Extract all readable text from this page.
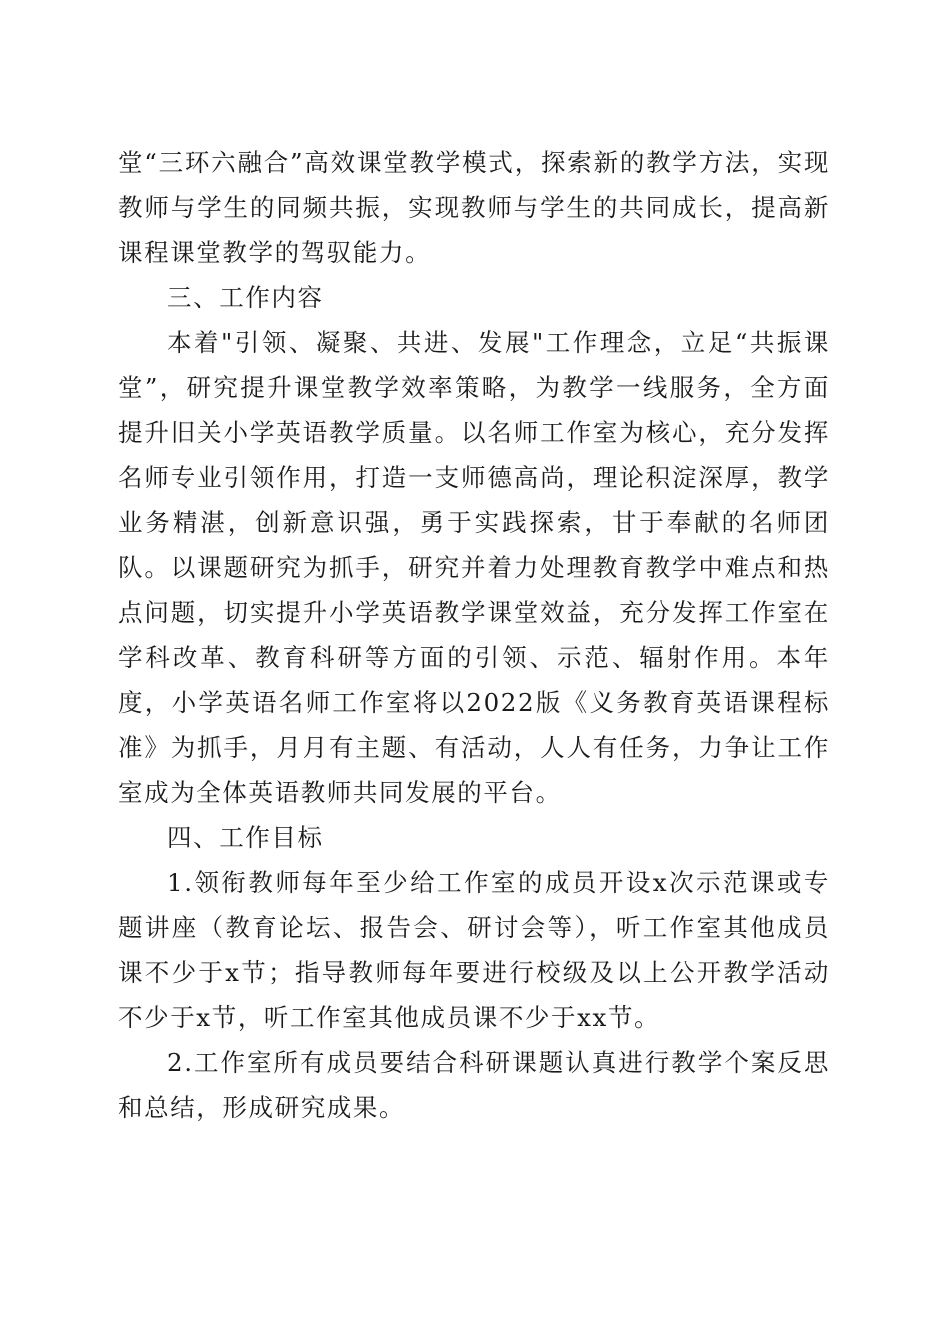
堂“三环六融合”高效课堂教学模式，探索新的教学方法，实现教师与学生的同频共振，实现教师与学生的共同成长，提高新课程课堂教学的驾驭能力。

三、工作内容

本着"引领、凝聚、共进、发展"工作理念，立足“共振课堂”，研究提升课堂教学效率策略，为教学一线服务，全方面提升旧关小学英语教学质量。以名师工作室为核心，充分发挥名师专业引领作用，打造一支师德高尚，理论积淀深厚，教学业务精湛，创新意识强，勇于实践探索，甘于奉献的名师团队。以课题研究为抓手，研究并着力处理教育教学中难点和热点问题，切实提升小学英语教学课堂效益，充分发挥工作室在学科改革、教育科研等方面的引领、示范、辐射作用。本年度，小学英语名师工作室将以2022版《义务教育英语课程标准》为抓手，月月有主题、有活动，人人有任务，力争让工作室成为全体英语教师共同发展的平台。

四、工作目标

1.领衔教师每年至少给工作室的成员开设x次示范课或专题讲座（教育论坛、报告会、研讨会等），听工作室其他成员课不少于x节；指导教师每年要进行校级及以上公开教学活动不少于x节，听工作室其他成员课不少于xx节。

2.工作室所有成员要结合科研课题认真进行教学个案反思和总结，形成研究成果。
